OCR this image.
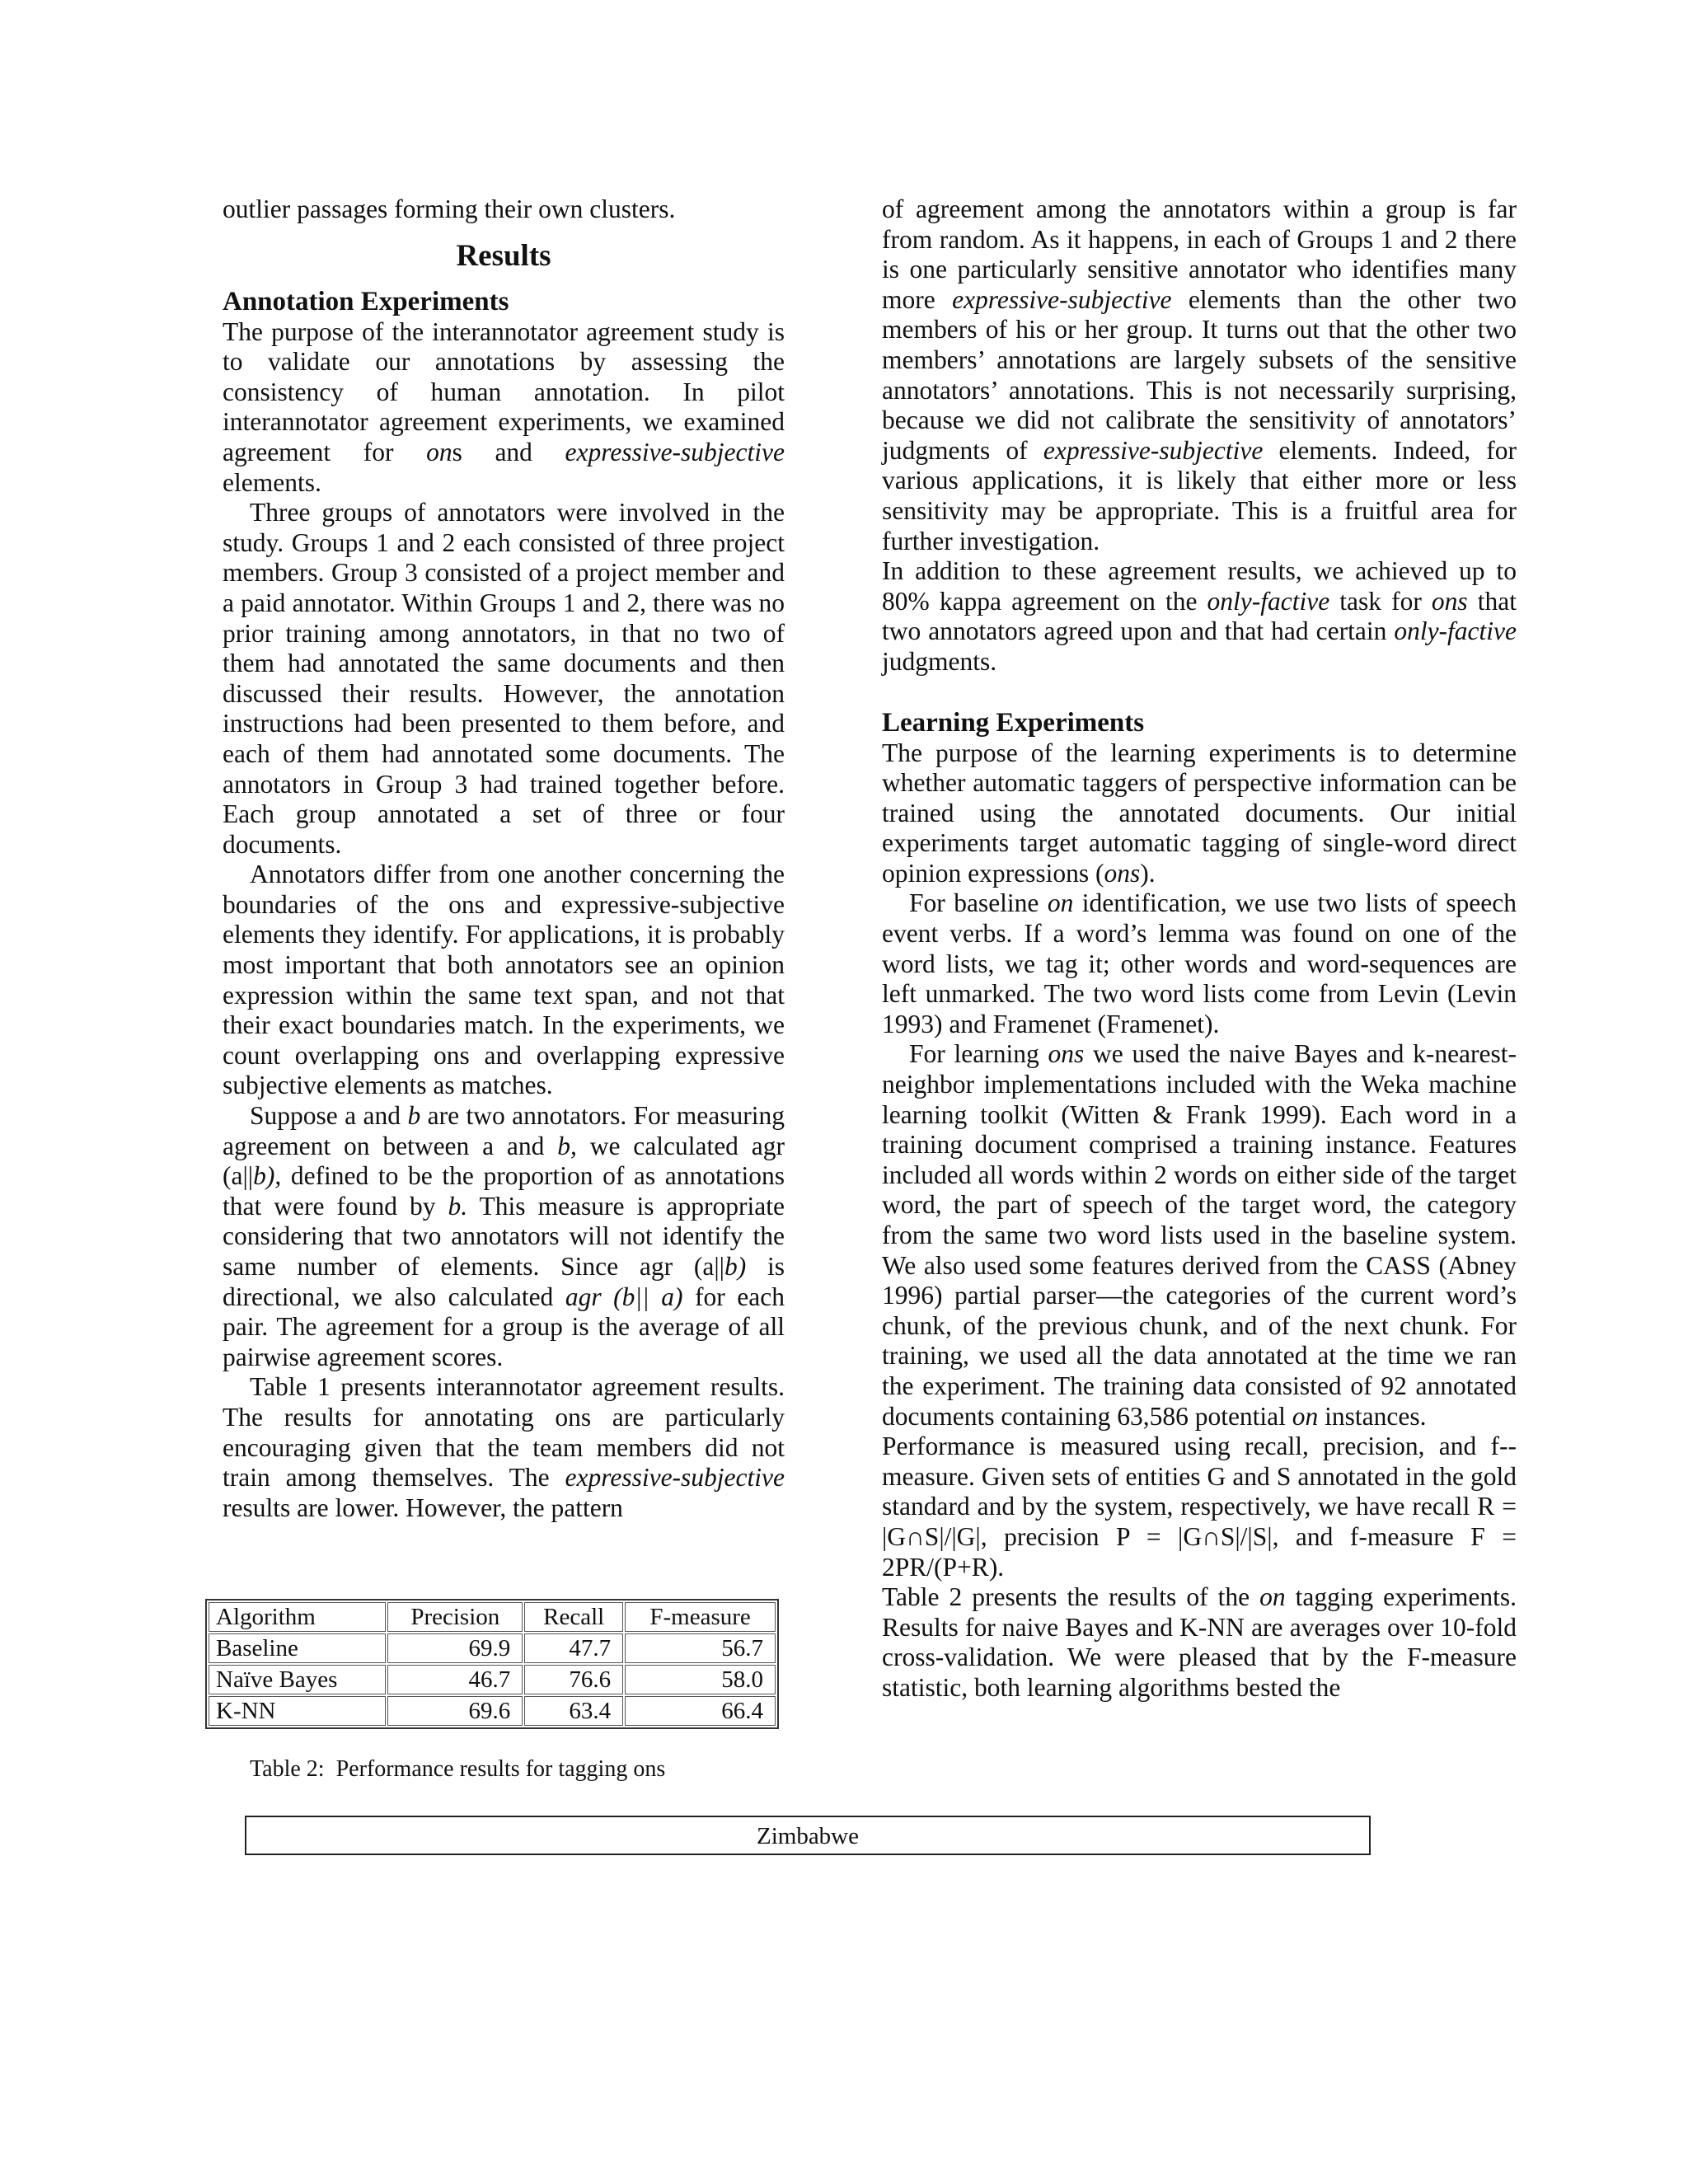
outlier passages forming their own clusters.

Results
Annotation Experiments

The purpose of the interannotator agreement study is to validate our annotations by assessing the consistency of human annotation. In pilot interannotator agreement experiments, we examined agreement for ons and expressive-subjective elements.

Three groups of annotators were involved in the study. Groups 1 and 2 each consisted of three project members. Group 3 consisted of a project member and a paid annotator. Within Groups 1 and 2, there was no prior training among annotators, in that no two of them had annotated the same documents and then discussed their results. However, the annotation instructions had been presented to them before, and each of them had annotated some documents. The annotators in Group 3 had trained together before. Each group annotated a set of three or four documents.

Annotators differ from one another concerning the boundaries of the ons and expressive-subjective elements they identify. For applications, it is probably most important that both annotators see an opinion expression within the same text span, and not that their exact boundaries match. In the experiments, we count overlapping ons and overlapping expressive subjective elements as matches.

Suppose a and b are two annotators. For measuring agreement on between a and b, we calculated agr (a||b), defined to be the proportion of as annotations that were found by b. This measure is appropriate considering that two annotators will not identify the same number of elements. Since agr (a||b) is directional, we also calculated agr (b|| a) for each pair. The agreement for a group is the average of all pairwise agreement scores.

Table 1 presents interannotator agreement results. The results for annotating ons are particularly encouraging given that the team members did not train among themselves. The expressive-subjective results are lower. However, the pattern

of agreement among the annotators within a group is far from random. As it happens, in each of Groups 1 and 2 there is one particularly sensitive annotator who identifies many more expressive-subjective elements than the other two members of his or her group. It turns out that the other two members’ annotations are largely subsets of the sensitive annotators’ annotations. This is not necessarily surprising, because we did not calibrate the sensitivity of annotators’ judgments of expressive-subjective elements. Indeed, for various applications, it is likely that either more or less sensitivity may be appropriate. This is a fruitful area for further investigation.

In addition to these agreement results, we achieved up to 80% kappa agreement on the only-factive task for ons that two annotators agreed upon and that had certain only-factive judgments.

Learning Experiments

The purpose of the learning experiments is to determine whether automatic taggers of perspective information can be trained using the annotated documents. Our initial experiments target automatic tagging of single-word direct opinion expressions (ons).

For baseline on identification, we use two lists of speech event verbs. If a word’s lemma was found on one of the word lists, we tag it; other words and word-sequences are left unmarked. The two word lists come from Levin (Levin 1993) and Framenet (Framenet).

For learning ons we used the naive Bayes and k-nearest-neighbor implementations included with the Weka machine learning toolkit (Witten & Frank 1999). Each word in a training document comprised a training instance. Features included all words within 2 words on either side of the target word, the part of speech of the target word, the category from the same two word lists used in the baseline system. We also used some features derived from the CASS (Abney 1996) partial parser—the categories of the current word’s chunk, of the previous chunk, and of the next chunk. For training, we used all the data annotated at the time we ran the experiment. The training data consisted of 92 annotated documents containing 63,586 potential on instances.

Performance is measured using recall, precision, and f--measure. Given sets of entities G and S annotated in the gold standard and by the system, respectively, we have recall R = |G∩S|/|G|, precision P = |G∩S|/|S|, and f-measure F = 2PR/(P+R).

Table 2 presents the results of the on tagging experiments. Results for naive Bayes and K-NN are averages over 10-fold cross-validation. We were pleased that by the F-measure statistic, both learning algorithms bested the

Algorithm	Precision	Recall	F-measure
Baseline	69.9	47.7	56.7
Naïve Bayes	46.7	76.6	58.0
K-NN	69.6	63.4	66.4
Table 2:  Performance results for tagging ons
Zimbabwe
